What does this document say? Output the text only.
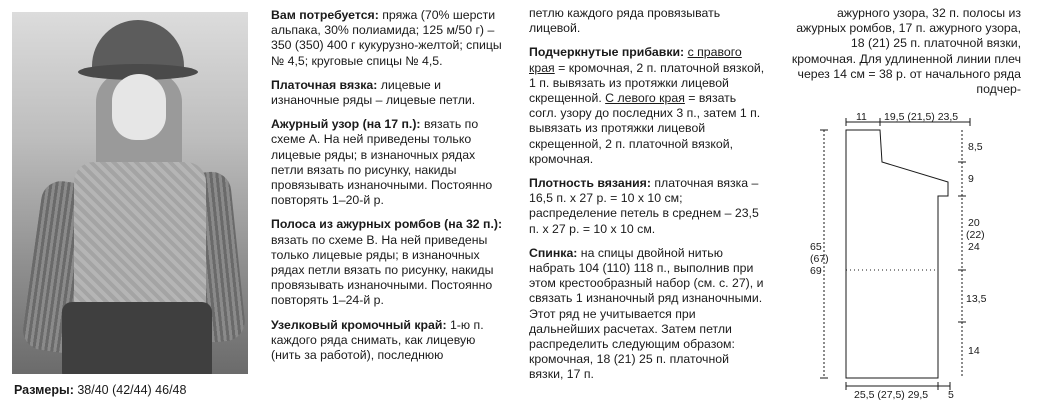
Размеры: 38/40 (42/44) 46/48

Вам потребуется: пряжа (70% шерсти альпака, 30% полиамида; 125 м/50 г) – 350 (350) 400 г кукурузно-желтой; спицы № 4,5; круговые спицы № 4,5.

Платочная вязка: лицевые и изнаночные ряды – лицевые петли.

Ажурный узор (на 17 п.): вязать по схеме А. На ней приведены только лицевые ряды; в изнаночных рядах петли вязать по рисунку, накиды провязывать изнаночными. Постоянно повторять 1–20-й р.

Полоса из ажурных ромбов (на 32 п.): вязать по схеме В. На ней приведены только лицевые ряды; в изнаночных рядах петли вязать по рисунку, накиды провязывать изнаночными. Постоянно повторять 1–24-й р.

Узелковый кромочный край: 1-ю п. каждого ряда снимать, как лицевую (нить за работой), последнюю

петлю каждого ряда провязывать лицевой.

Подчеркнутые прибавки: с правого края = кромочная, 2 п. платочной вязкой, 1 п. вывязать из протяжки лицевой скрещенной. С левого края = вязать согл. узору до последних 3 п., затем 1 п. вывязать из протяжки лицевой скрещенной, 2 п. платочной вязкой, кромочная.

Плотность вязания: платочная вязка – 16,5 п. х 27 р. = 10 х 10 см; распределение петель в среднем – 23,5 п. х 27 р. = 10 х 10 см.

Спинка: на спицы двойной нитью набрать 104 (110) 118 п., выполнив при этом крестообразный набор (см. с. 27), и связать 1 изнаночный ряд изнаночными. Этот ряд не учитывается при дальнейших расчетах. Затем петли распределить следующим образом: кромочная, 18 (21) 25 п. платочной вязки, 17 п.

ажурного узора, 32 п. полосы из ажурных ромбов, 17 п. ажурного узора, 18 (21) 25 п. платочной вязки, кромочная. Для удлиненной линии плеч через 14 см = 38 р. от начального ряда подчер-

11 19,5 (21,5) 23,5
8,5
9
20
(22)
24
13,5
14
65
(67)
69
25,5 (27,5) 29,5 5
